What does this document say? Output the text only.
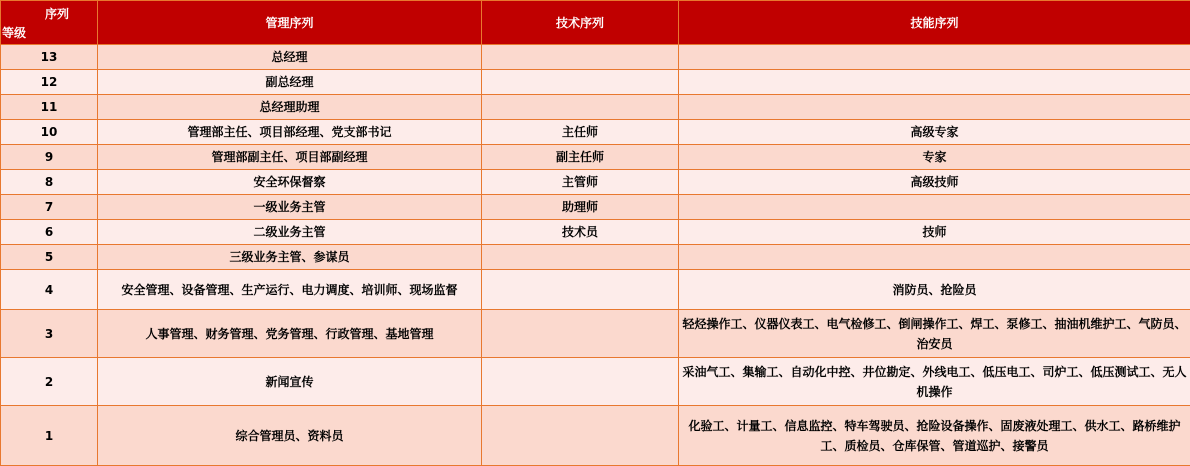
序列
等级	管理序列	技术序列	技能序列
13	总经理		
12	副总经理		
11	总经理助理		
10	管理部主任、项目部经理、党支部书记	主任师	高级专家
9	管理部副主任、项目部副经理	副主任师	专家
8	安全环保督察	主管师	高级技师
7	一级业务主管	助理师	
6	二级业务主管	技术员	技师
5	三级业务主管、参谋员		
4	安全管理、设备管理、生产运行、电力调度、培训师、现场监督		消防员、抢险员
3	人事管理、财务管理、党务管理、行政管理、基地管理		轻烃操作工、仪器仪表工、电气检修工、倒闸操作工、焊工、泵修工、抽油机维护工、气防员、治安员
2	新闻宣传		采油气工、集输工、自动化中控、井位勘定、外线电工、低压电工、司炉工、低压测试工、无人机操作
1	综合管理员、资料员		化验工、计量工、信息监控、特车驾驶员、抢险设备操作、固废液处理工、供水工、路桥维护工、质检员、仓库保管、管道巡护、接警员
